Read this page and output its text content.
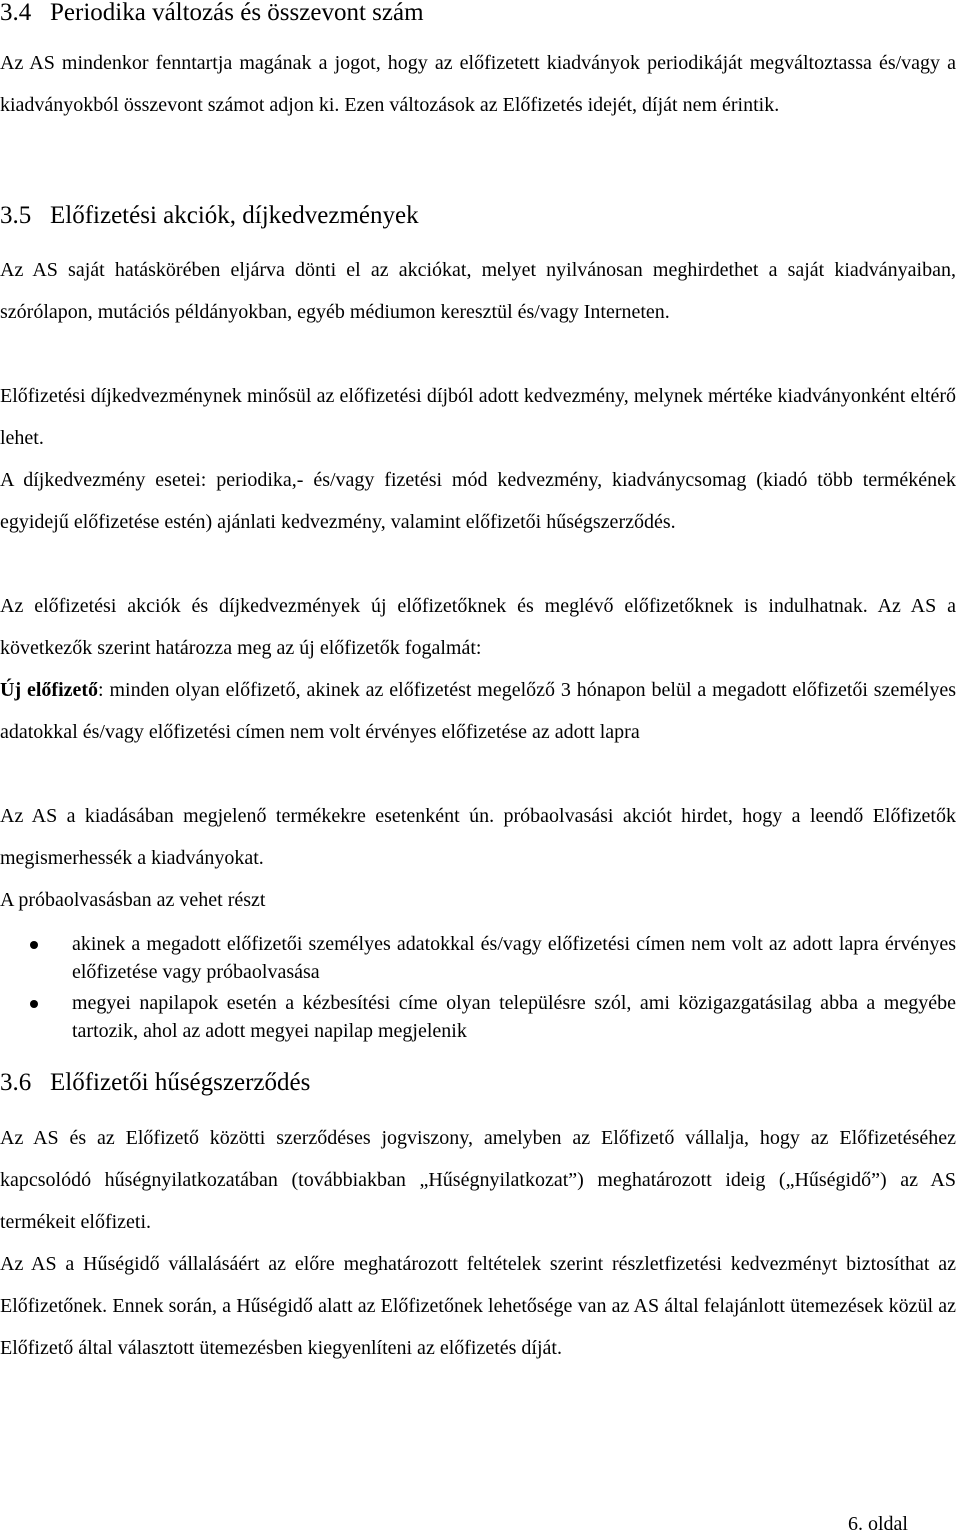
3.4 Periodika változás és összevont szám
Az AS mindenkor fenntartja magának a jogot, hogy az előfizetett kiadványok periodikáját megváltoztassa és/vagy a kiadványokból összevont számot adjon ki. Ezen változások az Előfizetés idejét, díját nem érintik.
3.5 Előfizetési akciók, díjkedvezmények
Az AS saját hatáskörében eljárva dönti el az akciókat, melyet nyilvánosan meghirdethet a saját kiadványaiban, szórólapon, mutációs példányokban, egyéb médiumon keresztül és/vagy Interneten.
Előfizetési díjkedvezménynek minősül az előfizetési díjból adott kedvezmény, melynek mértéke kiadványonként eltérő lehet.
A díjkedvezmény esetei: periodika,- és/vagy fizetési mód kedvezmény, kiadványcsomag (kiadó több termékének egyidejű előfizetése estén) ajánlati kedvezmény, valamint előfizetői hűségszerződés.
Az előfizetési akciók és díjkedvezmények új előfizetőknek és meglévő előfizetőknek is indulhatnak. Az AS a következők szerint határozza meg az új előfizetők fogalmát:
Új előfizető: minden olyan előfizető, akinek az előfizetést megelőző 3 hónapon belül a megadott előfizetői személyes adatokkal és/vagy előfizetési címen nem volt érvényes előfizetése az adott lapra
Az AS a kiadásában megjelenő termékekre esetenként ún. próbaolvasási akciót hirdet, hogy a leendő Előfizetők megismerhessék a kiadványokat.
A próbaolvasásban az vehet részt
akinek a megadott előfizetői személyes adatokkal és/vagy előfizetési címen nem volt az adott lapra érvényes előfizetése vagy próbaolvasása
megyei napilapok esetén a kézbesítési címe olyan településre szól, ami közigazgatásilag abba a megyébe tartozik, ahol az adott megyei napilap megjelenik
3.6 Előfizetői hűségszerződés
Az AS és az Előfizető közötti szerződéses jogviszony, amelyben az Előfizető vállalja, hogy az Előfizetéséhez kapcsolódó hűségnyilatkozatában (továbbiakban „Hűségnyilatkozat”) meghatározott ideig („Hűségidő”) az AS termékeit előfizeti.
Az AS a Hűségidő vállalásáért az előre meghatározott feltételek szerint részletfizetési kedvezményt biztosíthat az Előfizetőnek. Ennek során, a Hűségidő alatt az Előfizetőnek lehetősége van az AS által felajánlott ütemezések közül az Előfizető által választott ütemezésben kiegyenlíteni az előfizetés díját.
6. oldal
